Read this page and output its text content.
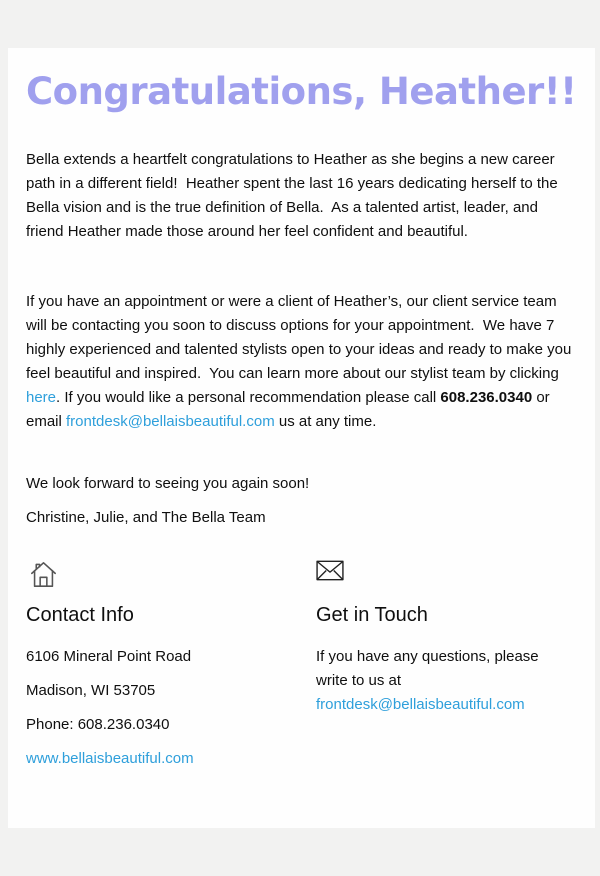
Congratulations, Heather!!

Bella extends a heartfelt congratulations to Heather as she begins a new career path in a different field!  Heather spent the last 16 years dedicating herself to the Bella vision and is the true definition of Bella.  As a talented artist, leader, and friend Heather made those around her feel confident and beautiful.

If you have an appointment or were a client of Heather’s, our client service team will be contacting you soon to discuss options for your appointment.  We have 7 highly experienced and talented stylists open to your ideas and ready to make you feel beautiful and inspired.  You can learn more about our stylist team by clicking here. If you would like a personal recommendation please call 608.236.0340 or email frontdesk@bellaisbeautiful.com us at any time.

We look forward to seeing you again soon!

Christine, Julie, and The Bella Team

Contact Info

6106 Mineral Point Road

Madison, WI 53705

Phone: 608.236.0340

www.bellaisbeautiful.com

Get in Touch

If you have any questions, please write to us at frontdesk@bellaisbeautiful.com
